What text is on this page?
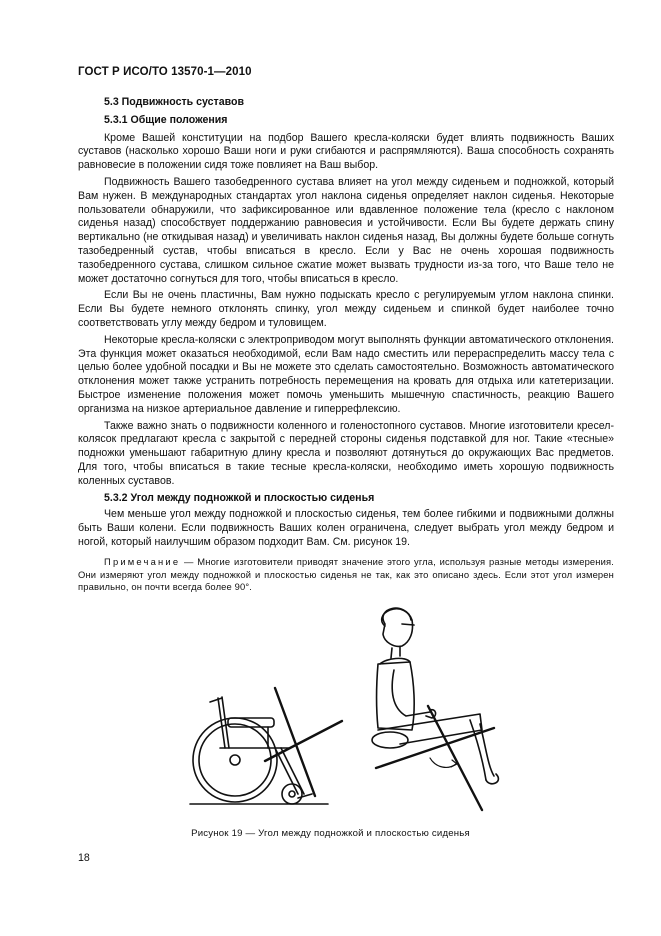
ГОСТ Р ИСО/ТО 13570-1—2010
5.3 Подвижность суставов
5.3.1 Общие положения

Кроме Вашей конституции на подбор Вашего кресла-коляски будет влиять подвижность Ваших суставов (насколько хорошо Ваши ноги и руки сгибаются и распрямляются). Ваша способность сохранять равновесие в положении сидя тоже повлияет на Ваш выбор.

Подвижность Вашего тазобедренного сустава влияет на угол между сиденьем и подножкой, который Вам нужен. В международных стандартах угол наклона сиденья определяет наклон сиденья. Некоторые пользователи обнаружили, что зафиксированное или вдавленное положение тела (кресло с наклоном сиденья назад) способствует поддержанию равновесия и устойчивости. Если Вы будете держать спину вертикально (не откидывая назад) и увеличивать наклон сиденья назад, Вы должны будете больше согнуть тазобедренный сустав, чтобы вписаться в кресло. Если у Вас не очень хорошая подвижность тазобедренного сустава, слишком сильное сжатие может вызвать трудности из-за того, что Ваше тело не может достаточно согнуться для того, чтобы вписаться в кресло.

Если Вы не очень пластичны, Вам нужно подыскать кресло с регулируемым углом наклона спинки. Если Вы будете немного отклонять спинку, угол между сиденьем и спинкой будет наиболее точно соответствовать углу между бедром и туловищем.

Некоторые кресла-коляски с электроприводом могут выполнять функции автоматического отклонения. Эта функция может оказаться необходимой, если Вам надо сместить или перераспределить массу тела с целью более удобной посадки и Вы не можете это сделать самостоятельно. Возможность автоматического отклонения может также устранить потребность перемещения на кровать для отдыха или катетеризации. Быстрое изменение положения может помочь уменьшить мышечную спастичность, реакцию Вашего организма на низкое артериальное давление и гиперрефлексию.

Также важно знать о подвижности коленного и голеностопного суставов. Многие изготовители кресел-колясок предлагают кресла с закрытой с передней стороны сиденья подставкой для ног. Такие «тесные» подножки уменьшают габаритную длину кресла и позволяют дотянуться до окружающих Вас предметов. Для того, чтобы вписаться в такие тесные кресла-коляски, необходимо иметь хорошую подвижность коленных суставов.

5.3.2 Угол между подножкой и плоскостью сиденья

Чем меньше угол между подножкой и плоскостью сиденья, тем более гибкими и подвижными должны быть Ваши колени. Если подвижность Ваших колен ограничена, следует выбрать угол между бедром и ногой, который наилучшим образом подходит Вам. См. рисунок 19.

Примечание — Многие изготовители приводят значение этого угла, используя разные методы измерения. Они измеряют угол между подножкой и плоскостью сиденья не так, как это описано здесь. Если этот угол измерен правильно, он почти всегда более 90°.

Рисунок 19 — Угол между подножкой и плоскостью сиденья
18
